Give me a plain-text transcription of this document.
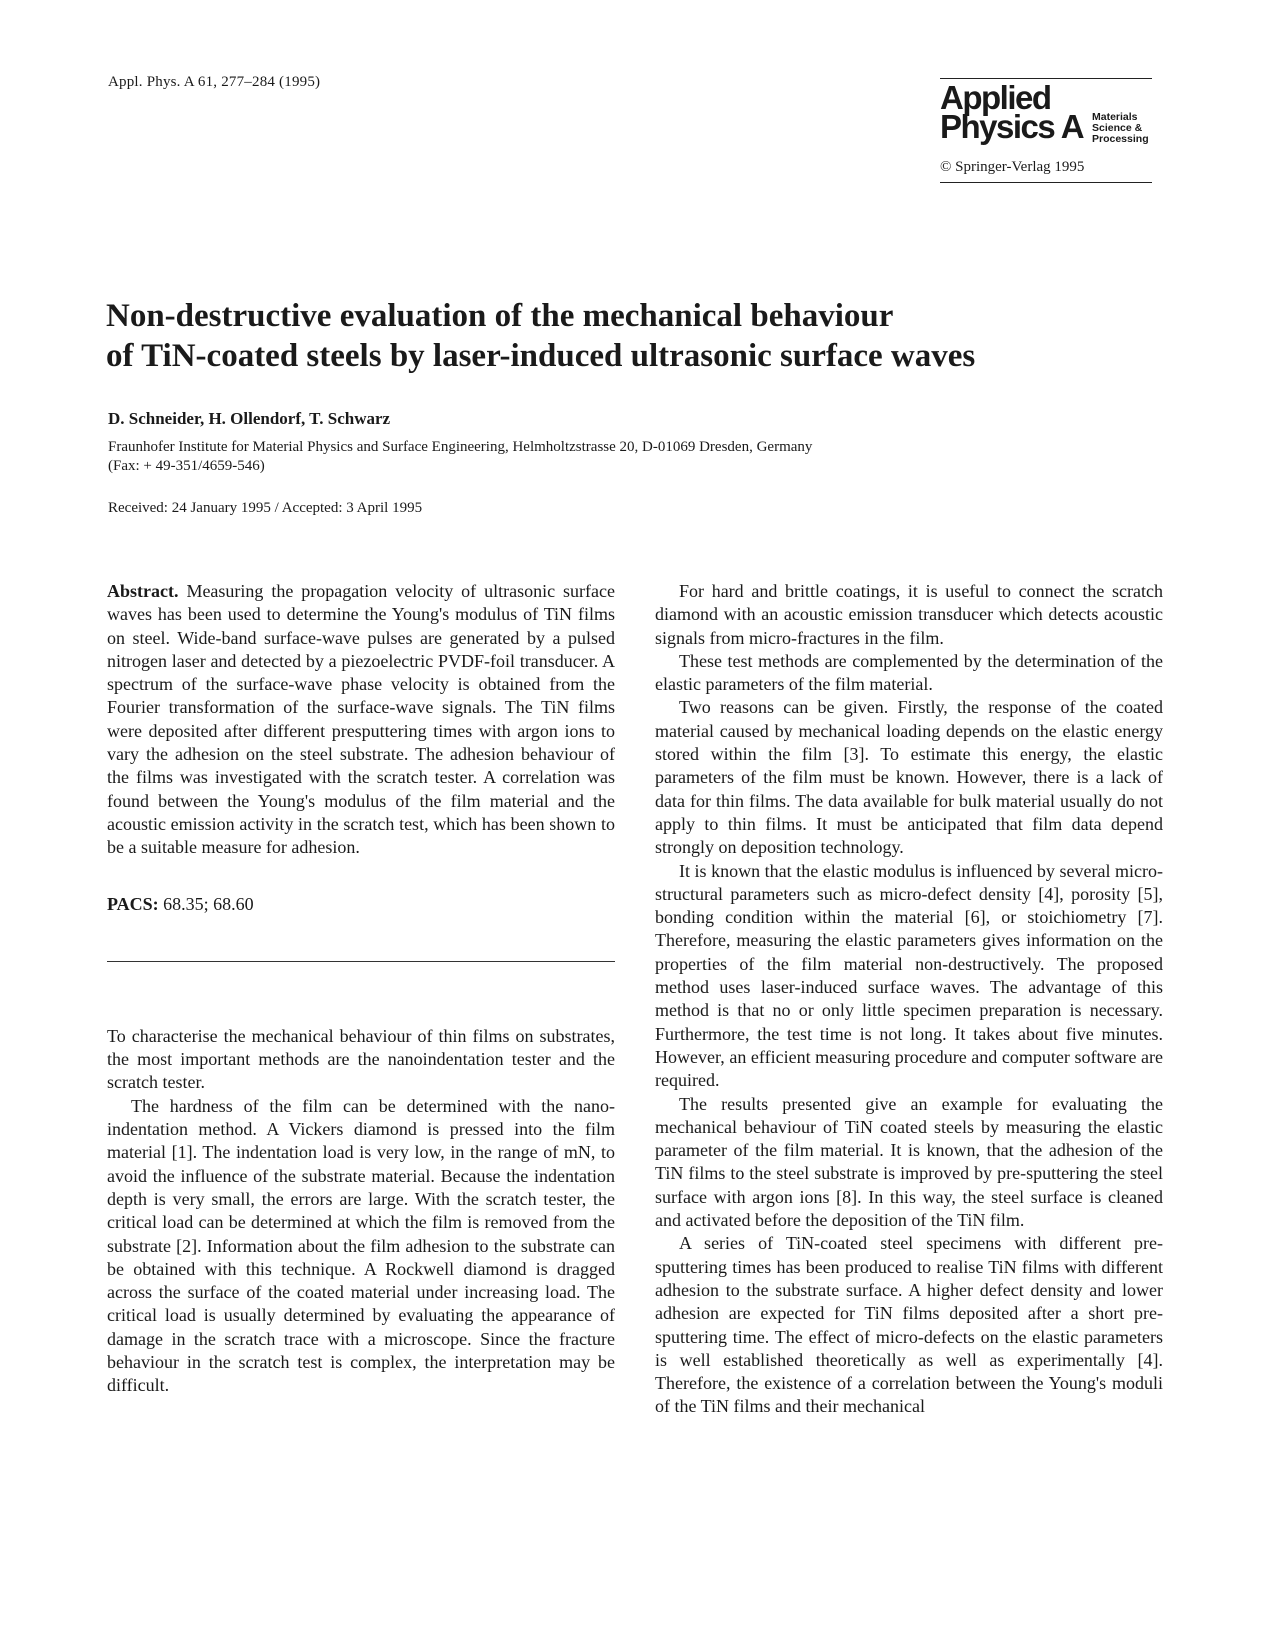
Appl. Phys. A 61, 277–284 (1995)	Applied
Physics A Materials
Science &
Processing
© Springer-Verlag 1995
Non-destructive evaluation of the mechanical behaviour
of TiN-coated steels by laser-induced ultrasonic surface waves
D. Schneider, H. Ollendorf, T. Schwarz
Fraunhofer Institute for Material Physics and Surface Engineering, Helmholtzstrasse 20, D-01069 Dresden, Germany
(Fax: + 49-351/4659-546)
Received: 24 January 1995 / Accepted: 3 April 1995

Abstract. Measuring the propagation velocity of ultrasonic surface waves has been used to determine the Young's modulus of TiN films on steel. Wide-band surface-wave pulses are generated by a pulsed nitrogen laser and detected by a piezoelectric PVDF-foil transducer. A spectrum of the surface-wave phase velocity is obtained from the Fourier transformation of the surface-wave signals. The TiN films were deposited after different presputtering times with argon ions to vary the adhesion on the steel substrate. The adhesion behaviour of the films was investigated with the scratch tester. A correlation was found between the Young's modulus of the film material and the acoustic emission activity in the scratch test, which has been shown to be a suitable measure for adhesion.

PACS: 68.35; 68.60

To characterise the mechanical behaviour of thin films on substrates, the most important methods are the nanoindentation tester and the scratch tester.

The hardness of the film can be determined with the nano-indentation method. A Vickers diamond is pressed into the film material [1]. The indentation load is very low, in the range of mN, to avoid the influence of the substrate material. Because the indentation depth is very small, the errors are large. With the scratch tester, the critical load can be determined at which the film is removed from the substrate [2]. Information about the film adhesion to the substrate can be obtained with this technique. A Rockwell diamond is dragged across the surface of the coated material under increasing load. The critical load is usually determined by evaluating the appearance of damage in the scratch trace with a microscope. Since the fracture behaviour in the scratch test is complex, the interpretation may be difficult.

For hard and brittle coatings, it is useful to connect the scratch diamond with an acoustic emission transducer which detects acoustic signals from micro-fractures in the film.

These test methods are complemented by the determination of the elastic parameters of the film material.

Two reasons can be given. Firstly, the response of the coated material caused by mechanical loading depends on the elastic energy stored within the film [3]. To estimate this energy, the elastic parameters of the film must be known. However, there is a lack of data for thin films. The data available for bulk material usually do not apply to thin films. It must be anticipated that film data depend strongly on deposition technology.

It is known that the elastic modulus is influenced by several micro-structural parameters such as micro-defect density [4], porosity [5], bonding condition within the material [6], or stoichiometry [7]. Therefore, measuring the elastic parameters gives information on the properties of the film material non-destructively. The proposed method uses laser-induced surface waves. The advantage of this method is that no or only little specimen preparation is necessary. Furthermore, the test time is not long. It takes about five minutes. However, an efficient measuring procedure and computer software are required.

The results presented give an example for evaluating the mechanical behaviour of TiN coated steels by measuring the elastic parameter of the film material. It is known, that the adhesion of the TiN films to the steel substrate is improved by pre-sputtering the steel surface with argon ions [8]. In this way, the steel surface is cleaned and activated before the deposition of the TiN film.

A series of TiN-coated steel specimens with different pre-sputtering times has been produced to realise TiN films with different adhesion to the substrate surface. A higher defect density and lower adhesion are expected for TiN films deposited after a short pre-sputtering time. The effect of micro-defects on the elastic parameters is well established theoretically as well as experimentally [4]. Therefore, the existence of a correlation between the Young's moduli of the TiN films and their mechanical
